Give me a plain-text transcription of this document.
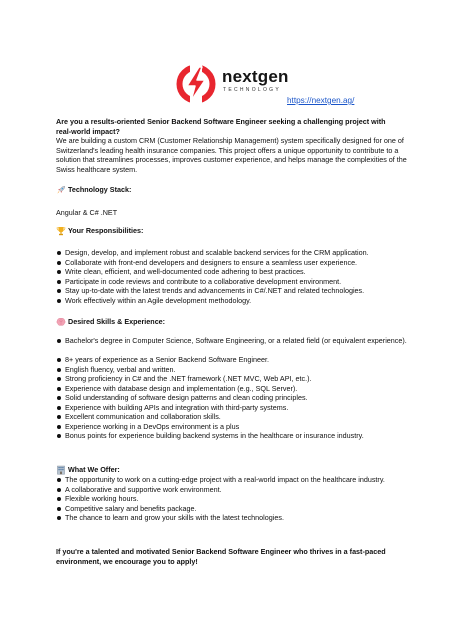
nextgen
TECHNOLOGY
https://nextgen.ag/

Are you a results-oriented Senior Backend Software Engineer seeking a challenging project with

real-world impact?

We are building a custom CRM (Customer Relationship Management) system specifically designed for one of

Switzerland's leading health insurance companies. This project offers a unique opportunity to contribute to a

solution that streamlines processes, improves customer experience, and helps manage the complexities of the

Swiss healthcare system.

Technology Stack:

Angular & C# .NET

Your Responsibilities:
Design, develop, and implement robust and scalable backend services for the CRM application.
Collaborate with front-end developers and designers to ensure a seamless user experience.
Write clean, efficient, and well-documented code adhering to best practices.
Participate in code reviews and contribute to a collaborative development environment.
Stay up-to-date with the latest trends and advancements in C#/.NET and related technologies.
Work effectively within an Agile development methodology.
Desired Skills & Experience:
Bachelor's degree in Computer Science, Software Engineering, or a related field (or equivalent experience).
8+ years of experience as a Senior Backend Software Engineer.
English fluency, verbal and written.
Strong proficiency in C# and the .NET framework (.NET MVC, Web API, etc.).
Experience with database design and implementation (e.g., SQL Server).
Solid understanding of software design patterns and clean coding principles.
Experience with building APIs and integration with third-party systems.
Excellent communication and collaboration skills.
Experience working in a DevOps environment is a plus
Bonus points for experience building backend systems in the healthcare or insurance industry.
What We Offer:
The opportunity to work on a cutting-edge project with a real-world impact on the healthcare industry.
A collaborative and supportive work environment.
Flexible working hours.
Competitive salary and benefits package.
The chance to learn and grow your skills with the latest technologies.

If you're a talented and motivated Senior Backend Software Engineer who thrives in a fast-paced

environment, we encourage you to apply!
